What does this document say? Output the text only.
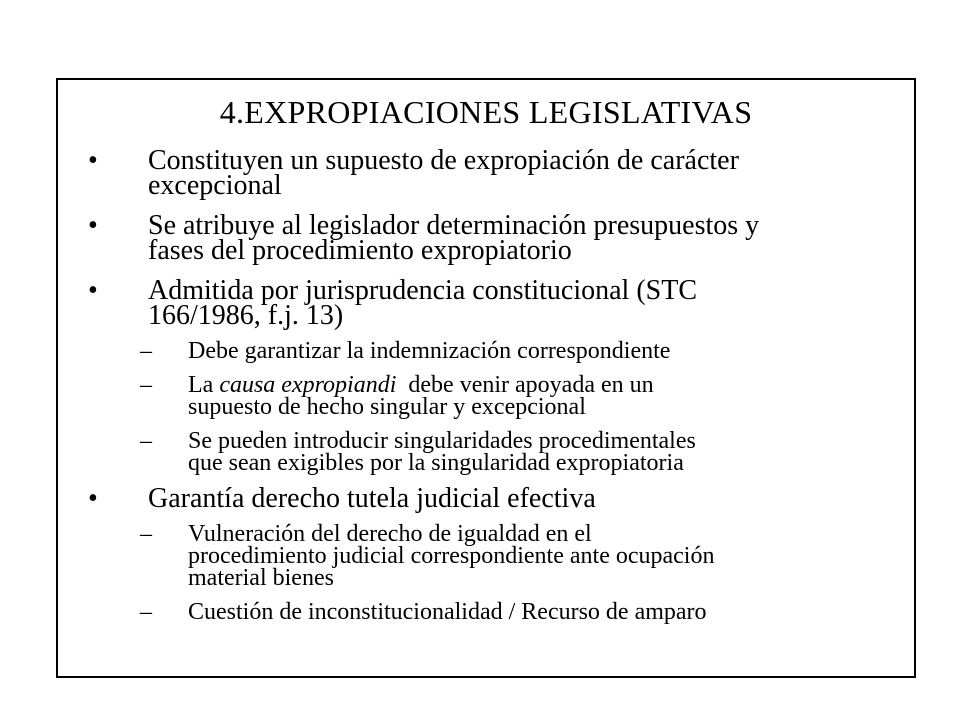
4.EXPROPIACIONES LEGISLATIVAS
• Constituyen un supuesto de expropiación de carácter
excepcional
• Se atribuye al legislador determinación presupuestos y
fases del procedimiento expropiatorio
• Admitida por jurisprudencia constitucional (STC
166/1986, f.j. 13)
– Debe garantizar la indemnización correspondiente
– La causa expropiandi  debe venir apoyada en un
supuesto de hecho singular y excepcional
– Se pueden introducir singularidades procedimentales
que sean exigibles por la singularidad expropiatoria
• Garantía derecho tutela judicial efectiva
– Vulneración del derecho de igualdad en el
procedimiento judicial correspondiente ante ocupación
material bienes
– Cuestión de inconstitucionalidad / Recurso de amparo
